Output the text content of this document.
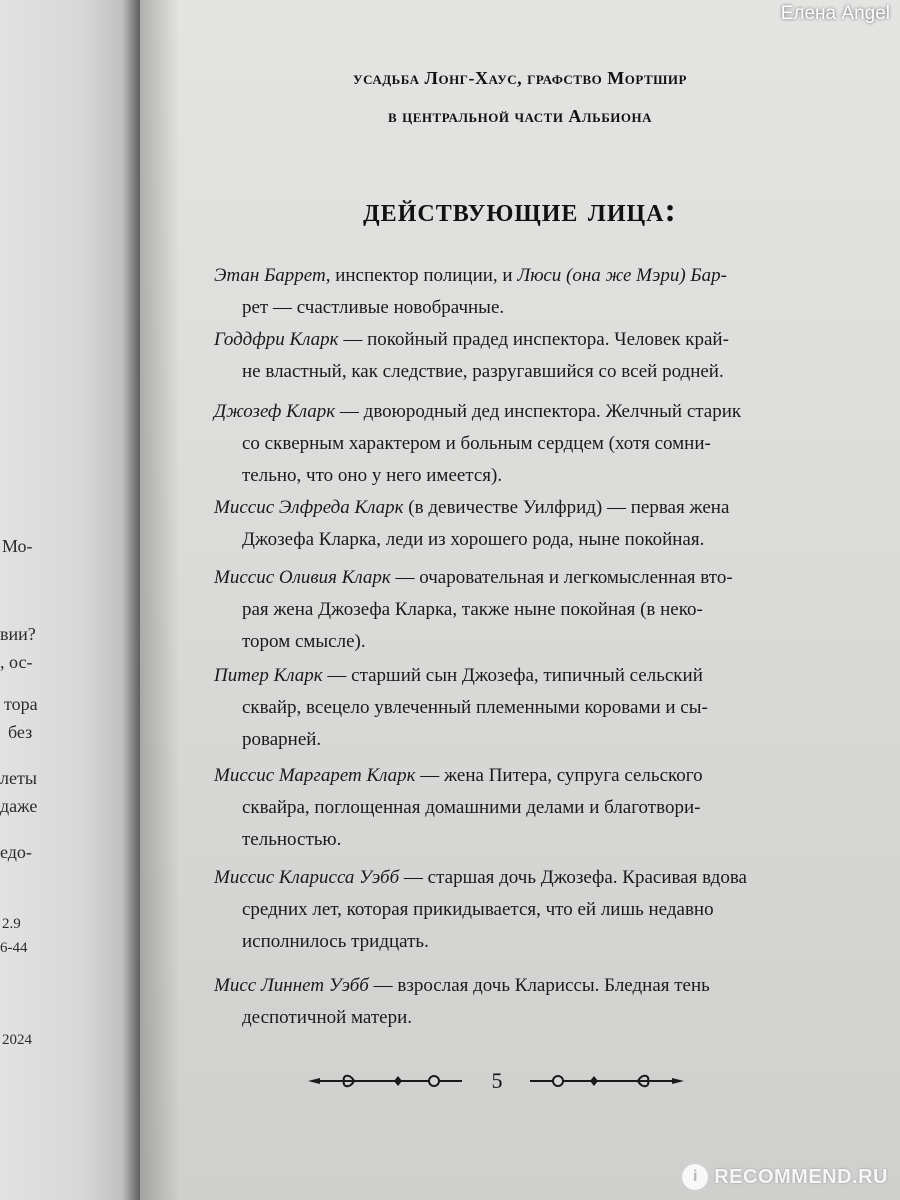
Мо-
вии?
, ос-
тора
без
леты
даже
едо-
2.9
6-44
2024
усадьба Лонг-Хаус, графство Мортшир
в центральной части Альбиона
действующие лица:
Этан Баррет, инспектор полиции, и Люси (она же Мэри) Бар-
рет — счастливые новобрачные.
Годдфри Кларк — покойный прадед инспектора. Человек край-
не властный, как следствие, разругавшийся со всей родней.
Джозеф Кларк — двоюродный дед инспектора. Желчный старик
со скверным характером и больным сердцем (хотя сомни-
тельно, что оно у него имеется).
Миссис Элфреда Кларк (в девичестве Уилфрид) — первая жена
Джозефа Кларка, леди из хорошего рода, ныне покойная.
Миссис Оливия Кларк — очаровательная и легкомысленная вто-
рая жена Джозефа Кларка, также ныне покойная (в неко-
тором смысле).
Питер Кларк — старший сын Джозефа, типичный сельский
сквайр, всецело увлеченный племенными коровами и сы-
роварней.
Миссис Маргарет Кларк — жена Питера, супруга сельского
сквайра, поглощенная домашними делами и благотвори-
тельностью.
Миссис Кларисса Уэбб — старшая дочь Джозефа. Красивая вдова
средних лет, которая прикидывается, что ей лишь недавно
исполнилось тридцать.
Мисс Линнет Уэбб — взрослая дочь Клариссы. Бледная тень
деспотичной матери.
5
Елена Angel
i RECOMMEND.RU
